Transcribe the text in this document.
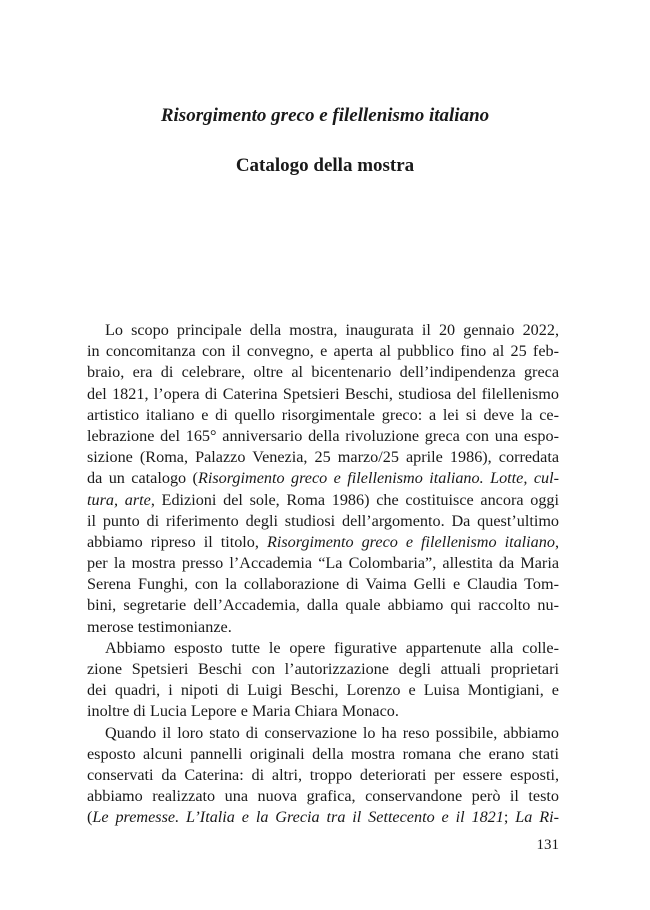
Risorgimento greco e filellenismo italiano
Catalogo della mostra
Lo scopo principale della mostra, inaugurata il 20 gennaio 2022,
in concomitanza con il convegno, e aperta al pubblico fino al 25 feb-
braio, era di celebrare, oltre al bicentenario dell’indipendenza greca
del 1821, l’opera di Caterina Spetsieri Beschi, studiosa del filellenismo
artistico italiano e di quello risorgimentale greco: a lei si deve la ce-
lebrazione del 165° anniversario della rivoluzione greca con una espo-
sizione (Roma, Palazzo Venezia, 25 marzo/25 aprile 1986), corredata
da un catalogo (Risorgimento greco e filellenismo italiano. Lotte, cul-
tura, arte, Edizioni del sole, Roma 1986) che costituisce ancora oggi
il punto di riferimento degli studiosi dell’argomento. Da quest’ultimo
abbiamo ripreso il titolo, Risorgimento greco e filellenismo italiano,
per la mostra presso l’Accademia “La Colombaria”, allestita da Maria
Serena Funghi, con la collaborazione di Vaima Gelli e Claudia Tom-
bini, segretarie dell’Accademia, dalla quale abbiamo qui raccolto nu-
merose testimonianze.
Abbiamo esposto tutte le opere figurative appartenute alla colle-
zione Spetsieri Beschi con l’autorizzazione degli attuali proprietari
dei quadri, i nipoti di Luigi Beschi, Lorenzo e Luisa Montigiani, e
inoltre di Lucia Lepore e Maria Chiara Monaco.
Quando il loro stato di conservazione lo ha reso possibile, abbiamo
esposto alcuni pannelli originali della mostra romana che erano stati
conservati da Caterina: di altri, troppo deteriorati per essere esposti,
abbiamo realizzato una nuova grafica, conservandone però il testo
(Le premesse. L’Italia e la Grecia tra il Settecento e il 1821; La Ri-

131
